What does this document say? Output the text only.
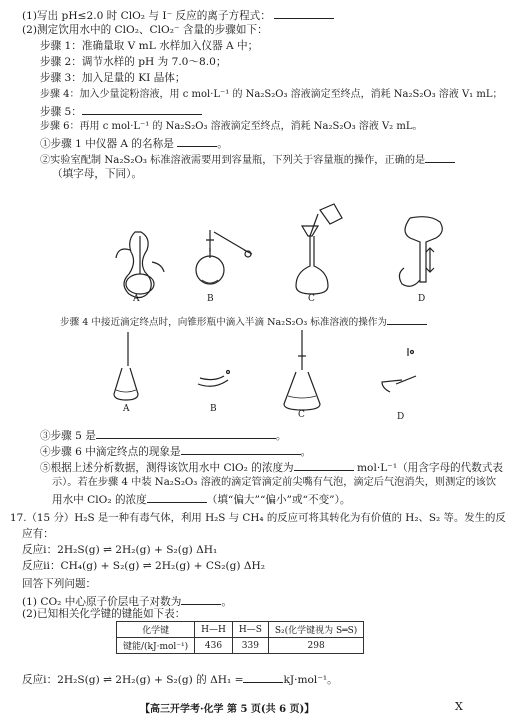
(1)写出 pH≤2.0 时 ClO₂ 与 I⁻ 反应的离子方程式：
(2)测定饮用水中的 ClO₂、ClO₂⁻ 含量的步骤如下：
步骤 1：准确量取 V mL 水样加入仪器 A 中；
步骤 2：调节水样的 pH 为 7.0～8.0；
步骤 3：加入足量的 KI 晶体；
步骤 4：加入少量淀粉溶液，用 c mol·L⁻¹ 的 Na₂S₂O₃ 溶液滴定至终点，消耗 Na₂S₂O₃ 溶液 V₁ mL；
步骤 5：
步骤 6：再用 c mol·L⁻¹ 的 Na₂S₂O₃ 溶液滴定至终点，消耗 Na₂S₂O₃ 溶液 V₂ mL。
①步骤 1 中仪器 A 的名称是	。
②实验室配制 Na₂S₂O₃ 标准溶液需要用到容量瓶，下列关于容量瓶的操作，正确的是
（填字母，下同）。
A	B	C	D
步骤 4 中接近滴定终点时，向锥形瓶中滴入半滴 Na₂S₂O₃ 标准溶液的操作为
A	B
C	D
③步骤 5 是	。
④步骤 6 中滴定终点的现象是	。
⑤根据上述分析数据，测得该饮用水中 ClO₂ 的浓度为	mol·L⁻¹（用含字母的代数式表
示）。若在步骤 4 中装 Na₂S₂O₃ 溶液的滴定管滴定前尖嘴有气泡，滴定后气泡消失，则测定的该饮
用水中 ClO₂ 的浓度	（填“偏大”“偏小”或“不变”）。
17.（15 分）H₂S 是一种有毒气体，利用 H₂S 与 CH₄ 的反应可将其转化为有价值的 H₂、S₂ 等。发生的反
应有：
反应ⅰ：2H₂S(g) ⇌ 2H₂(g) + S₂(g) ΔH₁
反应ⅱ：CH₄(g) + S₂(g) ⇌ 2H₂(g) + CS₂(g) ΔH₂
回答下列问题：
(1) CO₂ 中心原子价层电子对数为	。
(2)已知相关化学键的键能如下表：
化学键	H—H	H—S	S₂(化学键视为 S═S)
键能/(kJ·mol⁻¹)	436	339	298
反应ⅰ：2H₂S(g) ⇌ 2H₂(g) + S₂(g) 的 ΔH₁ =	kJ·mol⁻¹。
【高三开学考·化学 第 5 页(共 6 页)】	X
